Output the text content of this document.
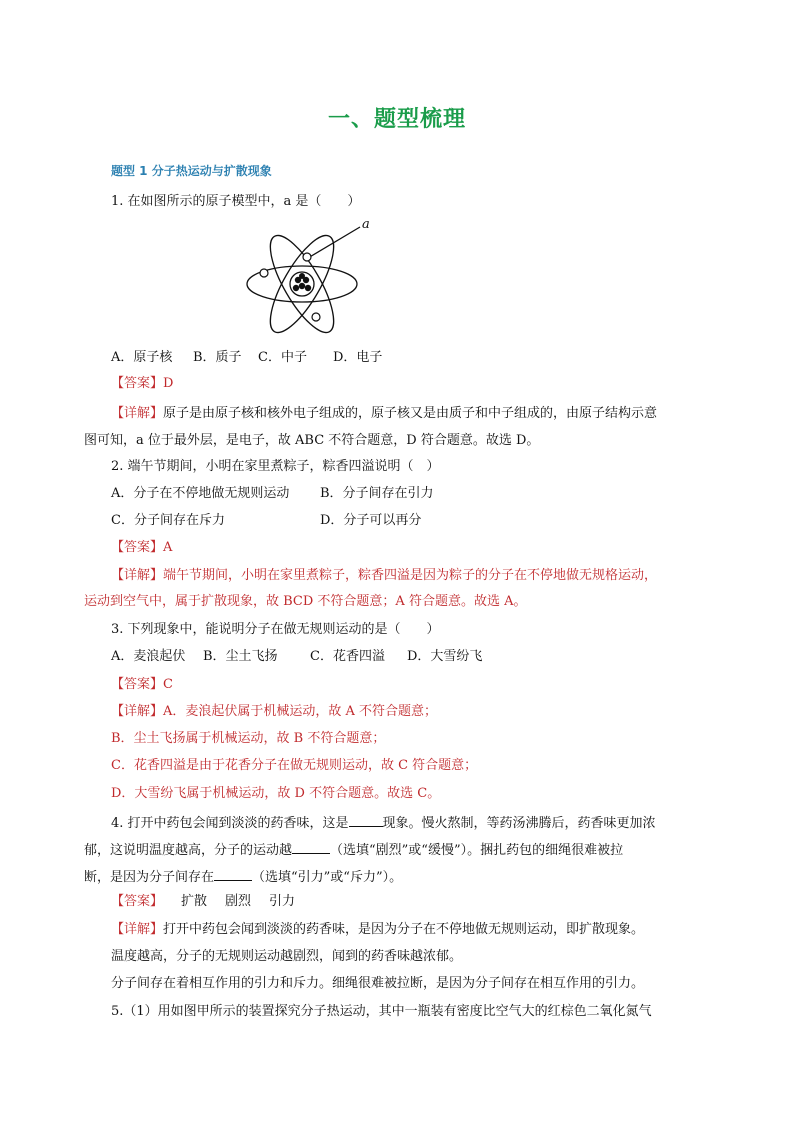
一、题型梳理
题型 1 分子热运动与扩散现象
1. 在如图所示的原子模型中，a 是（　　）
a
A．原子核 B．质子 C．中子 D．电子
【答案】D
【详解】原子是由原子核和核外电子组成的，原子核又是由质子和中子组成的，由原子结构示意
图可知，a 位于最外层，是电子，故 ABC 不符合题意，D 符合题意。故选 D。
2. 端午节期间，小明在家里煮粽子，粽香四溢说明（　）
A．分子在不停地做无规则运动 B．分子间存在引力
C．分子间存在斥力	D．分子可以再分
【答案】A
【详解】端午节期间，小明在家里煮粽子，粽香四溢是因为粽子的分子在不停地做无规格运动，
运动到空气中，属于扩散现象，故 BCD 不符合题意；A 符合题意。故选 A。
3. 下列现象中，能说明分子在做无规则运动的是（　　）
A．麦浪起伏 B．尘土飞扬 C．花香四溢 D．大雪纷飞
【答案】C
【详解】A．麦浪起伏属于机械运动，故 A 不符合题意；
B．尘土飞扬属于机械运动，故 B 不符合题意；
C．花香四溢是由于花香分子在做无规则运动，故 C 符合题意；
D．大雪纷飞属于机械运动，故 D 不符合题意。故选 C。
4. 打开中药包会闻到淡淡的药香味，这是	现象。慢火熬制，等药汤沸腾后，药香味更加浓
郁，这说明温度越高，分子的运动越	（选填“剧烈”或“缓慢”）。捆扎药包的细绳很难被拉
断，是因为分子间存在	（选填“引力”或“斥力”）。
【答案】 扩散 剧烈 引力
【详解】打开中药包会闻到淡淡的药香味，是因为分子在不停地做无规则运动，即扩散现象。
温度越高，分子的无规则运动越剧烈，闻到的药香味越浓郁。
分子间存在着相互作用的引力和斥力。细绳很难被拉断，是因为分子间存在相互作用的引力。
5.（1）用如图甲所示的装置探究分子热运动，其中一瓶装有密度比空气大的红棕色二氧化氮气
